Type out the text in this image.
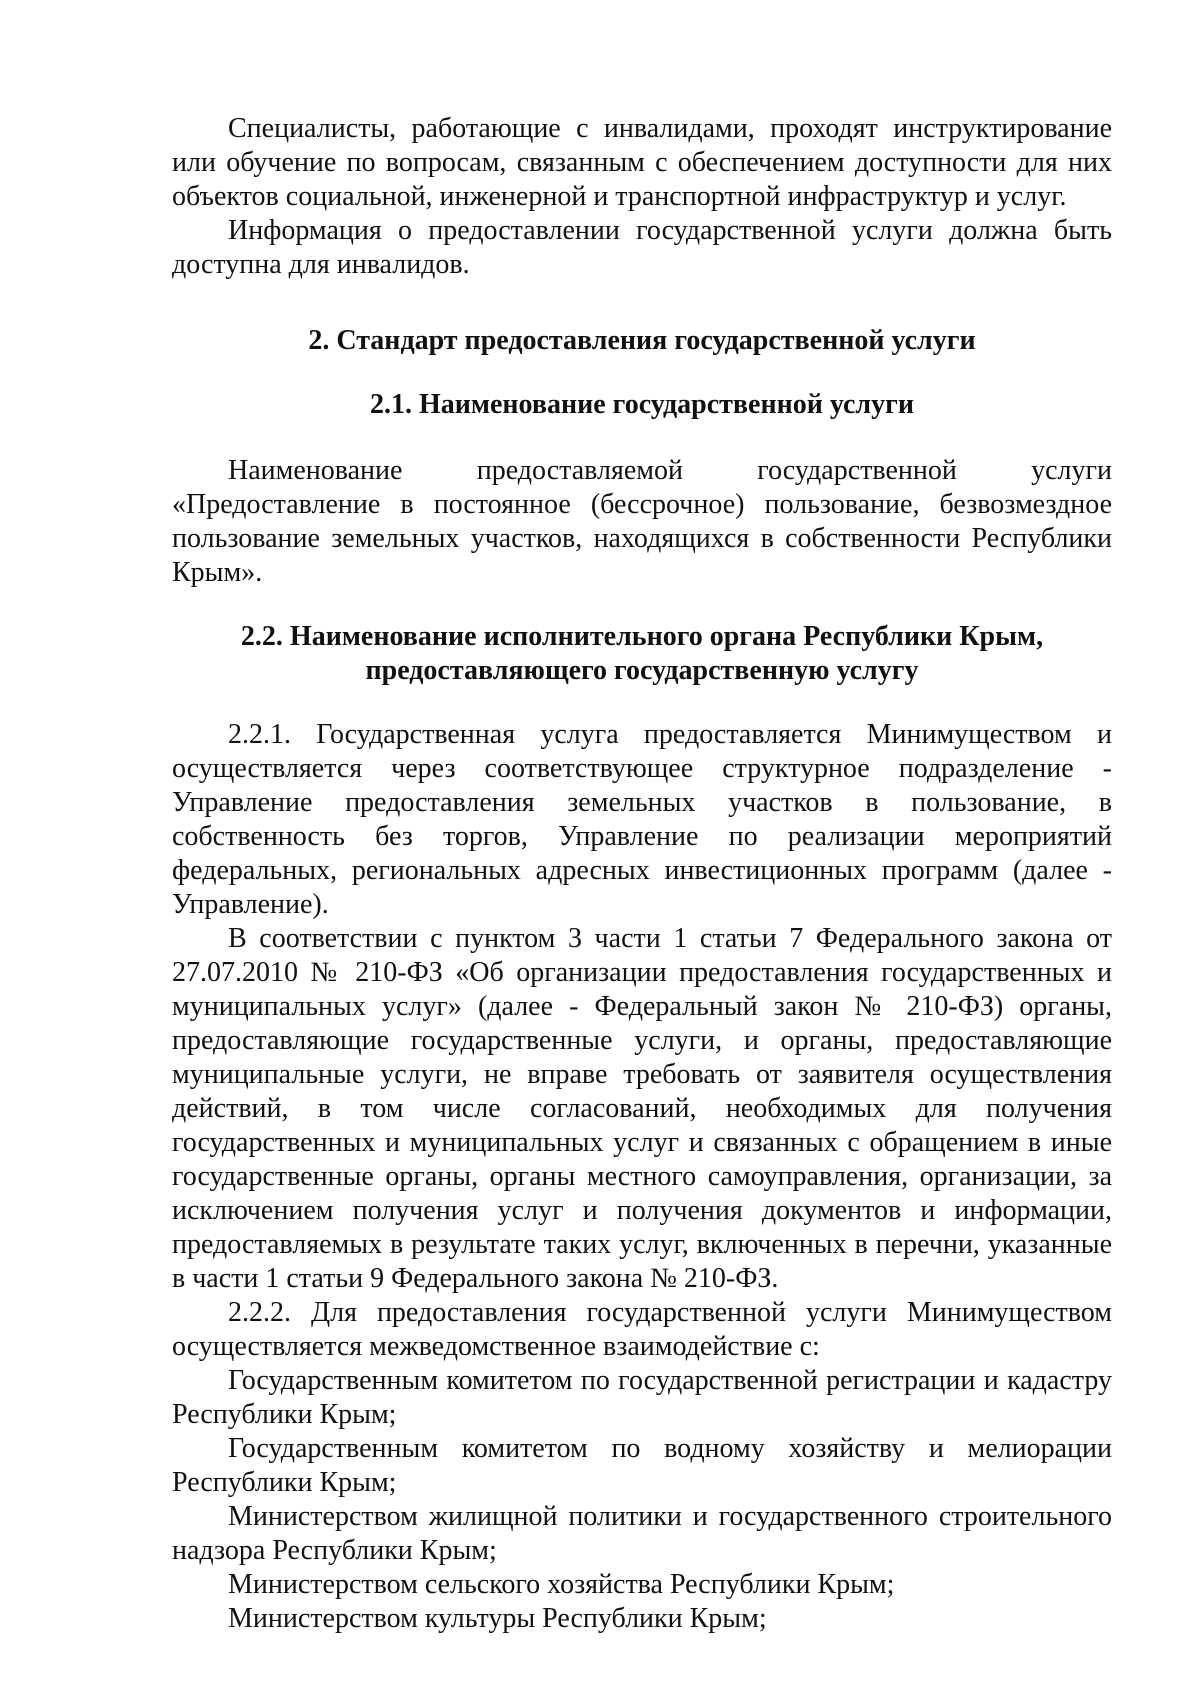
Специалисты, работающие с инвалидами, проходят инструктирование или обучение по вопросам, связанным с обеспечением доступности для них объектов социальной, инженерной и транспортной инфраструктур и услуг.

Информация о предоставлении государственной услуги должна быть доступна для инвалидов.

2. Стандарт предоставления государственной услуги
2.1. Наименование государственной услуги

Наименование предоставляемой государственной услуги «Предоставление в постоянное (бессрочное) пользование, безвозмездное пользование земельных участков, находящихся в собственности Республики Крым».

2.2. Наименование исполнительного органа Республики Крым,
предоставляющего государственную услугу

2.2.1. Государственная услуга предоставляется Минимуществом и осуществляется через соответствующее структурное подразделение - Управление предоставления земельных участков в пользование, в собственность без торгов, Управление по реализации мероприятий федеральных, региональных адресных инвестиционных программ (далее - Управление).

В соответствии с пунктом 3 части 1 статьи 7 Федерального закона от 27.07.2010 № 210-ФЗ «Об организации предоставления государственных и муниципальных услуг» (далее - Федеральный закон № 210-ФЗ) органы, предоставляющие государственные услуги, и органы, предоставляющие муниципальные услуги, не вправе требовать от заявителя осуществления действий, в том числе согласований, необходимых для получения государственных и муниципальных услуг и связанных с обращением в иные государственные органы, органы местного самоуправления, организации, за исключением получения услуг и получения документов и информации, предоставляемых в результате таких услуг, включенных в перечни, указанные в части 1 статьи 9 Федерального закона № 210-ФЗ.

2.2.2. Для предоставления государственной услуги Минимуществом осуществляется межведомственное взаимодействие с:

Государственным комитетом по государственной регистрации и кадастру Республики Крым;

Государственным комитетом по водному хозяйству и мелиорации Республики Крым;

Министерством жилищной политики и государственного строительного надзора Республики Крым;

Министерством сельского хозяйства Республики Крым;

Министерством культуры Республики Крым;
